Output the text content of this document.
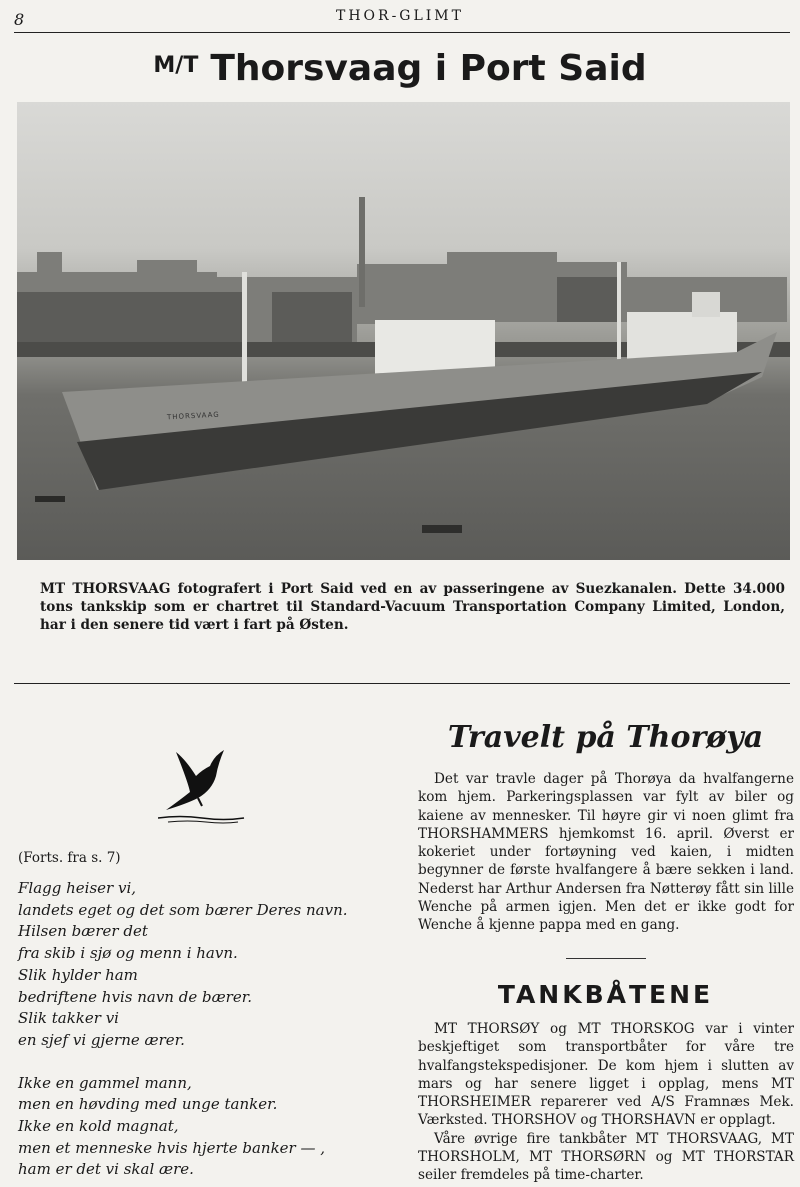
8	THOR-GLIMT
$^{M/T}$ Thorsvaag i Port Said
THORSVAAG
MT THORSVAAG fotografert i Port Said ved en av passeringene av Suezkanalen. Dette 34.000 tons tankskip som er chartret til Standard-Vacuum Transportation Company Limited, London, har i den senere tid vært i fart på Østen.
(Forts. fra s. 7)
Flagg heiser vi,
landets eget og det som bærer Deres navn.
Hilsen bærer det
fra skib i sjø og menn i havn.
Slik hylder ham
bedriftene hvis navn de bærer.
Slik takker vi
en sjef vi gjerne ærer.
Ikke en gammel mann,
men en høvding med unge tanker.
Ikke en kold magnat,
men et menneske hvis hjerte banker — ,
ham er det vi skal ære.
Travelt på Thorøya
Det var travle dager på Thorøya da hvalfangerne kom hjem. Parkeringsplassen var fylt av biler og kaiene av mennesker. Til høyre gir vi noen glimt fra THORSHAMMERS hjemkomst 16. april. Øverst er kokeriet under fortøyning ved kaien, i midten begynner de første hvalfangere å bære sekken i land. Nederst har Arthur Andersen fra Nøtterøy fått sin lille Wenche på armen igjen. Men det er ikke godt for Wenche å kjenne pappa med en gang.
TANKBÅTENE

MT THORSØY og MT THORSKOG var i vinter beskjeftiget som transportbåter for våre tre hvalfangstekspedisjoner. De kom hjem i slutten av mars og har senere ligget i opplag, mens MT THORSHEIMER reparerer ved A/S Framnæs Mek. Værksted. THORSHOV og THORSHAVN er opplagt.

Våre øvrige fire tankbåter MT THORSVAAG, MT THORSHOLM, MT THORSØRN og MT THORSTAR seiler fremdeles på time-charter.
